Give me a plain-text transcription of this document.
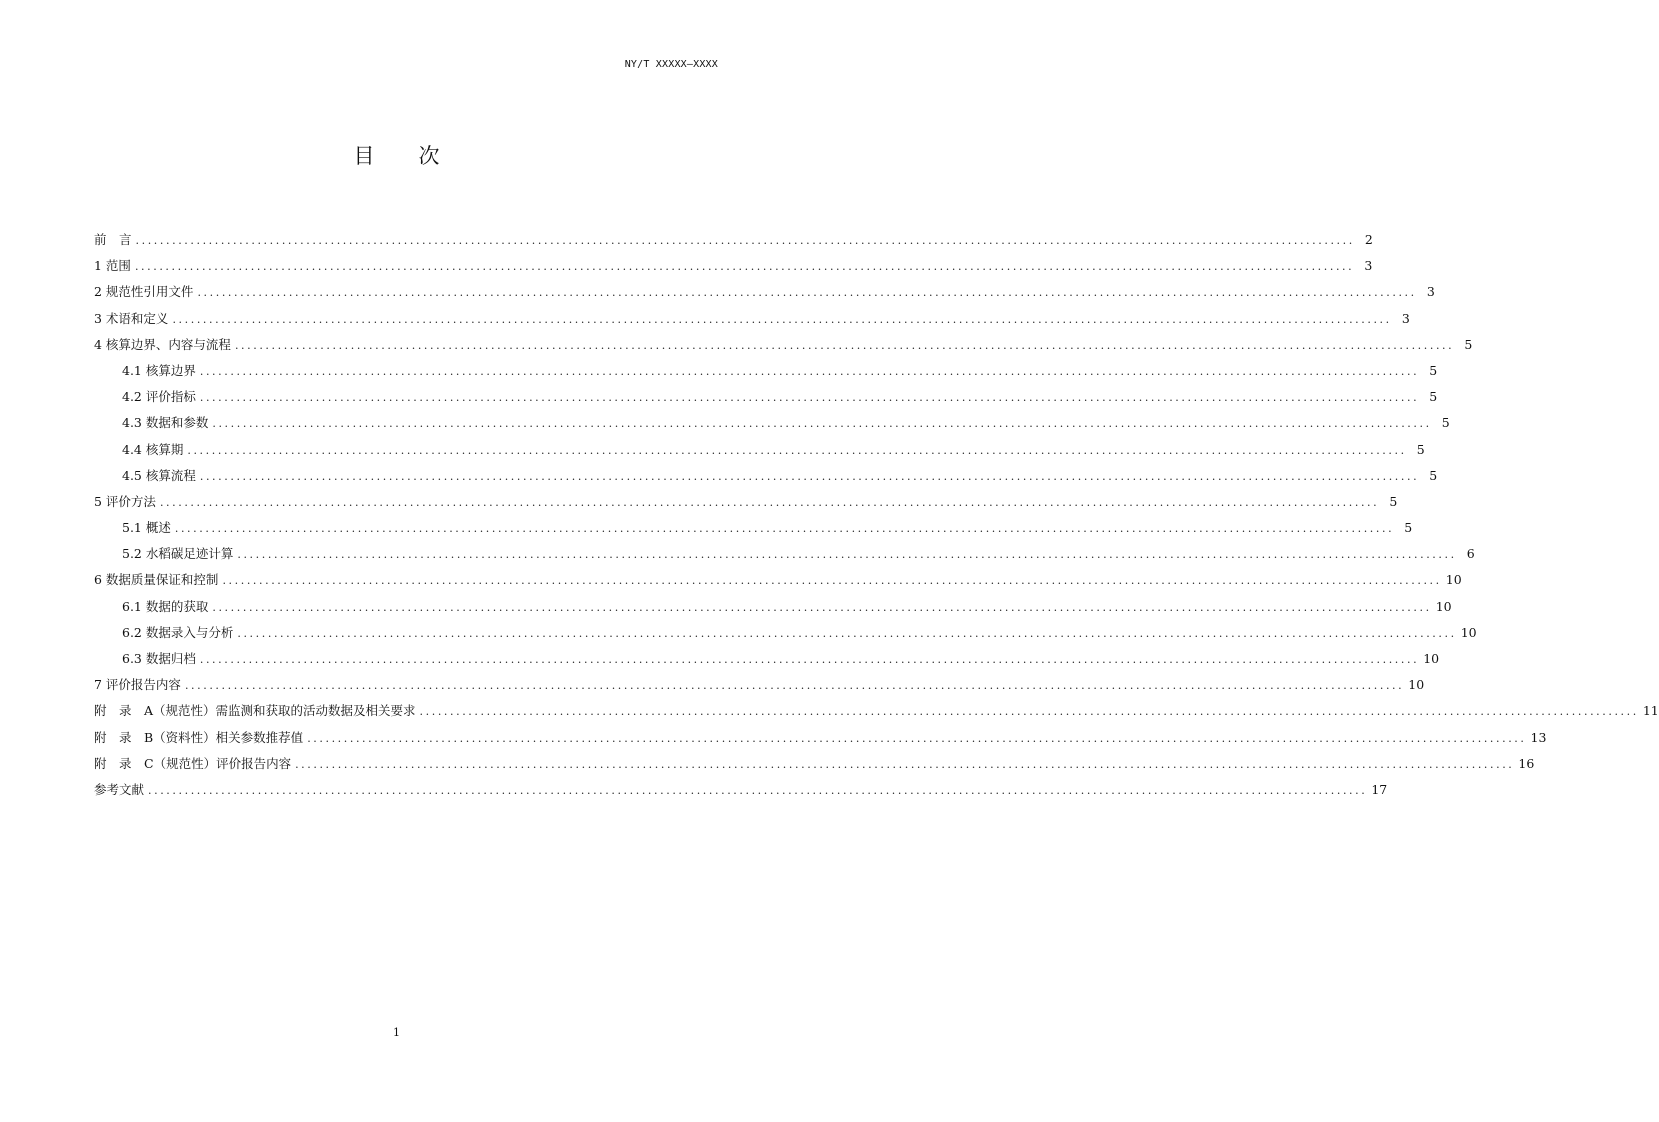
NY/T XXXXX—XXXX
目次
前　言 ........................................................................................................................................................................................................ 2
1 范围 ........................................................................................................................................................................................................ 3
2 规范性引用文件 ........................................................................................................................................................................................................ 3
3 术语和定义 ........................................................................................................................................................................................................ 3
4 核算边界、内容与流程 ........................................................................................................................................................................................................ 5
4.1 核算边界 ........................................................................................................................................................................................................ 5
4.2 评价指标 ........................................................................................................................................................................................................ 5
4.3 数据和参数 ........................................................................................................................................................................................................ 5
4.4 核算期 ........................................................................................................................................................................................................ 5
4.5 核算流程 ........................................................................................................................................................................................................ 5
5 评价方法 ........................................................................................................................................................................................................ 5
5.1 概述 ........................................................................................................................................................................................................ 5
5.2 水稻碳足迹计算 ........................................................................................................................................................................................................ 6
6 数据质量保证和控制 ........................................................................................................................................................................................................ 10
6.1 数据的获取 ........................................................................................................................................................................................................ 10
6.2 数据录入与分析 ........................................................................................................................................................................................................ 10
6.3 数据归档 ........................................................................................................................................................................................................ 10
7 评价报告内容 ........................................................................................................................................................................................................ 10
附　录　A（规范性）需监测和获取的活动数据及相关要求 ........................................................................................................................................................................................................ 11
附　录　B（资料性）相关参数推荐值 ........................................................................................................................................................................................................ 13
附　录　C（规范性）评价报告内容 ........................................................................................................................................................................................................ 16
参考文献 ........................................................................................................................................................................................................ 17
1
